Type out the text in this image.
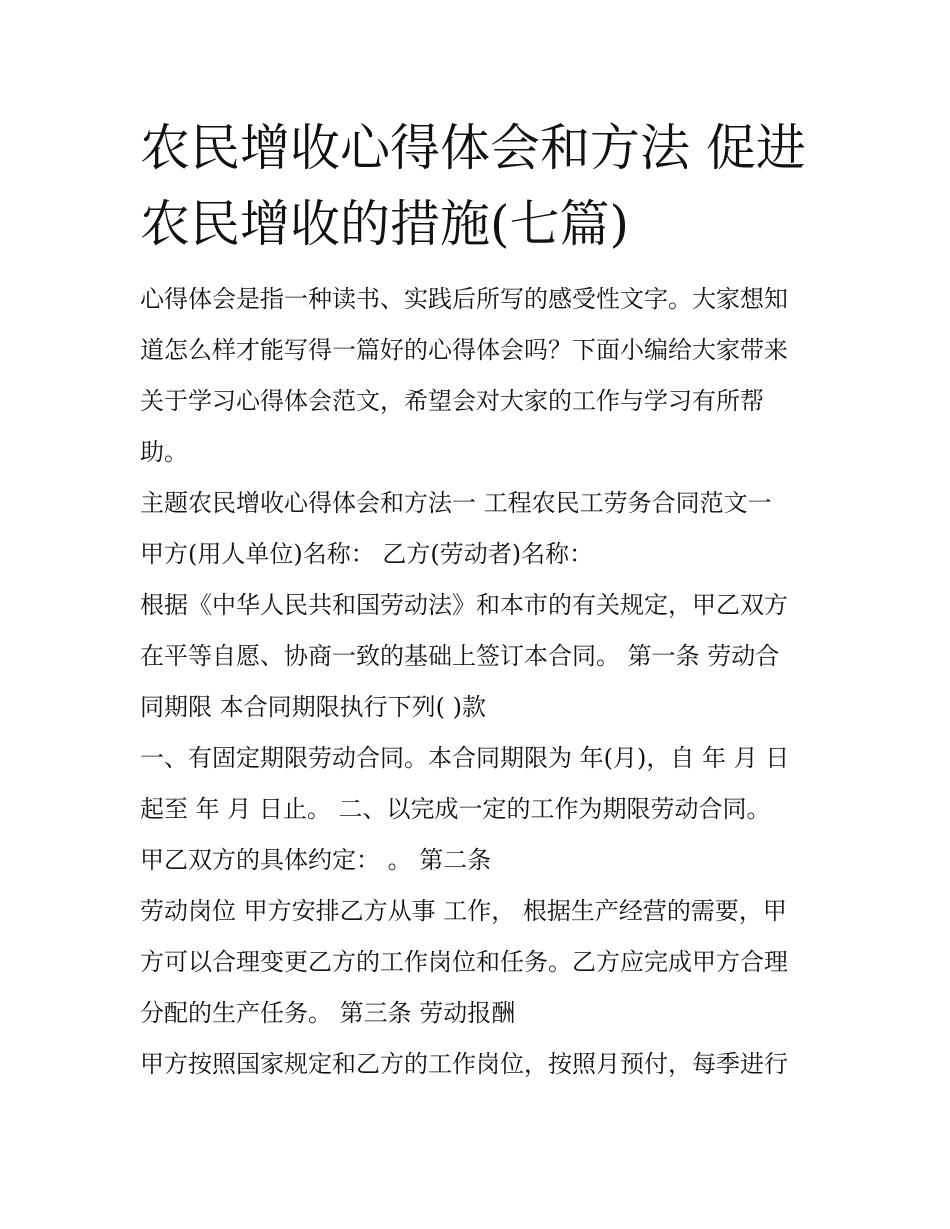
农民增收心得体会和方法 促进
农民增收的措施(七篇)

心得体会是指一种读书、实践后所写的感受性文字。大家想知

道怎么样才能写得一篇好的心得体会吗？下面小编给大家带来

关于学习心得体会范文，希望会对大家的工作与学习有所帮

助。

主题农民增收心得体会和方法一 工程农民工劳务合同范文一

甲方(用人单位)名称： 乙方(劳动者)名称：

根据《中华人民共和国劳动法》和本市的有关规定，甲乙双方

在平等自愿、协商一致的基础上签订本合同。 第一条 劳动合

同期限 本合同期限执行下列( )款

一、有固定期限劳动合同。本合同期限为 年(月)，自 年 月 日

起至 年 月 日止。 二、以完成一定的工作为期限劳动合同。

甲乙双方的具体约定： 。 第二条

劳动岗位 甲方安排乙方从事 工作， 根据生产经营的需要，甲

方可以合理变更乙方的工作岗位和任务。乙方应完成甲方合理

分配的生产任务。 第三条 劳动报酬

甲方按照国家规定和乙方的工作岗位，按照月预付，每季进行
